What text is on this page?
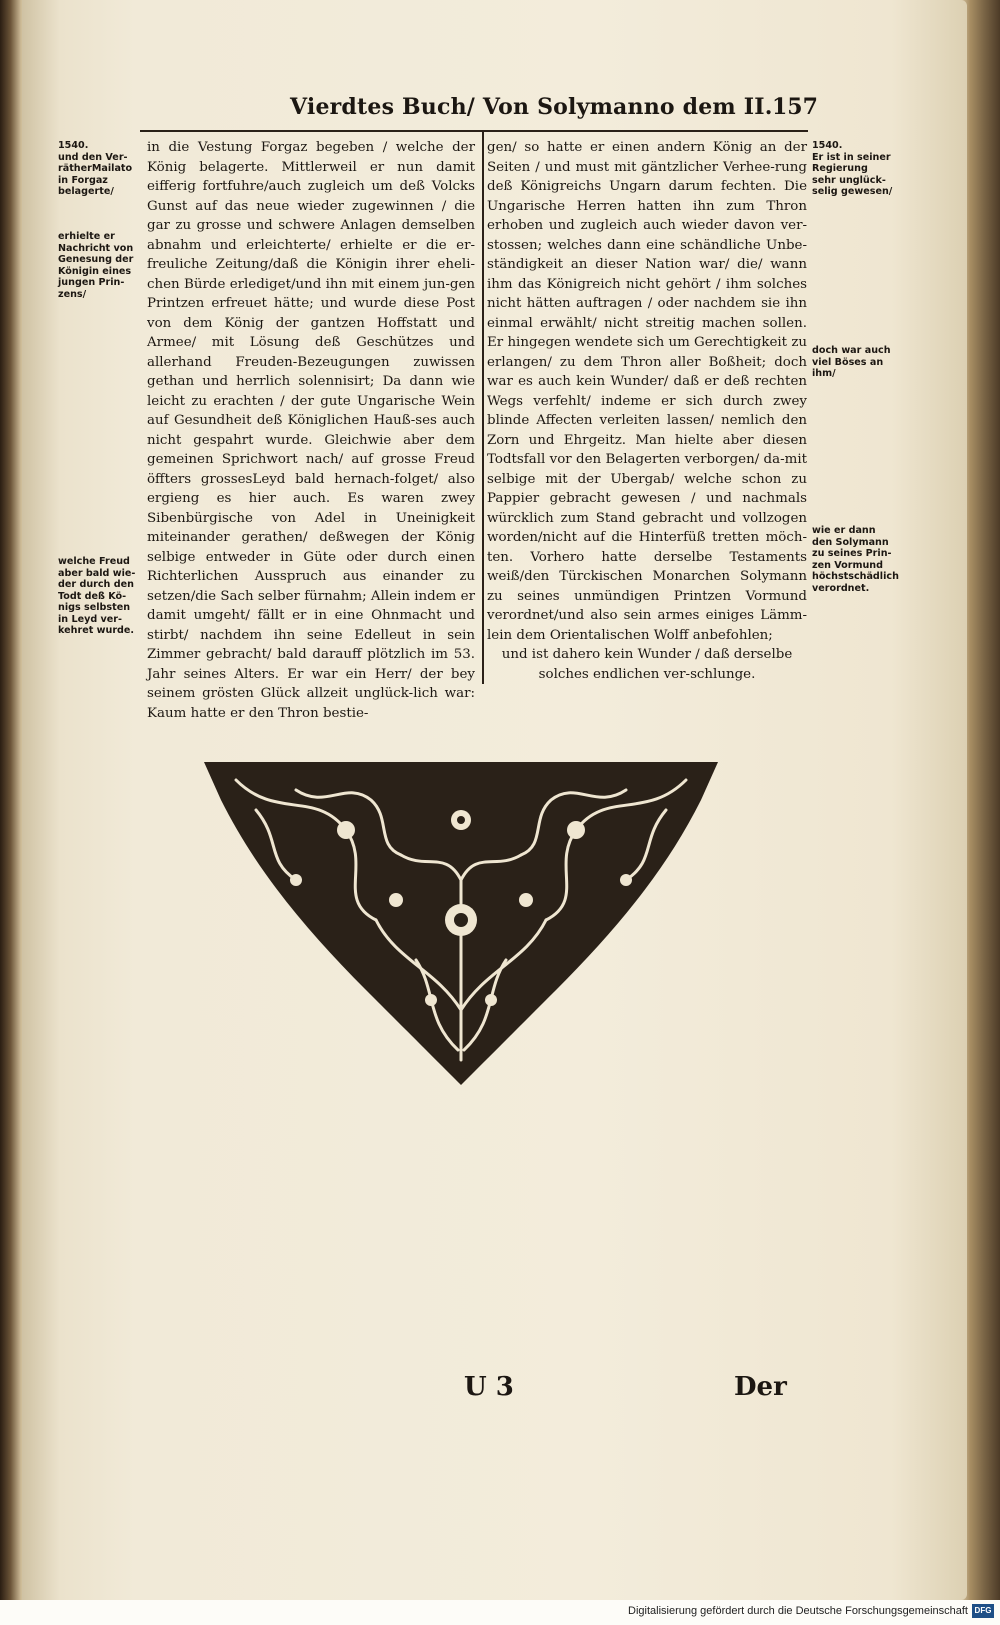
Vierdtes Buch/ Von Solymanno dem II. 157
1540.
und den Ver-
rätherMailato
in Forgaz
belagerte/
erhielte er
Nachricht von
Genesung der
Königin eines
jungen Prin-
zens/
welche Freud
aber bald wie-
der durch den
Todt deß Kö-
nigs selbsten
in Leyd ver-
kehret wurde.

in die Vestung Forgaz begeben / welche der König belagerte. Mittlerweil er nun damit eifferig fortfuhre/auch zugleich um deß Volcks Gunst auf das neue wieder zugewinnen / die gar zu grosse und schwere Anlagen demselben abnahm und erleichterte/ erhielte er die er-freuliche Zeitung/daß die Königin ihrer eheli-chen Bürde erlediget/und ihn mit einem jun-gen Printzen erfreuet hätte; und wurde diese Post von dem König der gantzen Hoffstatt und Armee/ mit Lösung deß Geschützes und allerhand Freuden-Bezeugungen zuwissen gethan und herrlich solennisirt; Da dann wie leicht zu erachten / der gute Ungarische Wein auf Gesundheit deß Königlichen Hauß-ses auch nicht gespahrt wurde. Gleichwie aber dem gemeinen Sprichwort nach/ auf grosse Freud öffters grossesLeyd bald hernach-folget/ also ergieng es hier auch. Es waren zwey Sibenbürgische von Adel in Uneinigkeit miteinander gerathen/ deßwegen der König selbige entweder in Güte oder durch einen Richterlichen Ausspruch aus einander zu setzen/die Sach selber fürnahm; Allein indem er damit umgeht/ fällt er in eine Ohnmacht und stirbt/ nachdem ihn seine Edelleut in sein Zimmer gebracht/ bald darauff plötzlich im 53. Jahr seines Alters. Er war ein Herr/ der bey seinem grösten Glück allzeit unglück-lich war: Kaum hatte er den Thron bestie-

gen/ so hatte er einen andern König an der Seiten / und must mit gäntzlicher Verhee-rung deß Königreichs Ungarn darum fechten. Die Ungarische Herren hatten ihn zum Thron erhoben und zugleich auch wieder davon ver-stossen; welches dann eine schändliche Unbe-ständigkeit an dieser Nation war/ die/ wann ihm das Königreich nicht gehört / ihm solches nicht hätten auftragen / oder nachdem sie ihn einmal erwählt/ nicht streitig machen sollen. Er hingegen wendete sich um Gerechtigkeit zu erlangen/ zu dem Thron aller Boßheit; doch war es auch kein Wunder/ daß er deß rechten Wegs verfehlt/ indeme er sich durch zwey blinde Affecten verleiten lassen/ nemlich den Zorn und Ehrgeitz. Man hielte aber diesen Todtsfall vor den Belagerten verborgen/ da-mit selbige mit der Ubergab/ welche schon zu Pappier gebracht gewesen / und nachmals würcklich zum Stand gebracht und vollzogen worden/nicht auf die Hinterfüß tretten möch-ten. Vorhero hatte derselbe Testaments weiß/den Türckischen Monarchen Solymann zu seines unmündigen Printzen Vormund verordnet/und also sein armes einiges Lämm-lein dem Orientalischen Wolff anbefohlen;

und ist dahero kein Wunder / daß derselbe solches endlichen ver-schlunge.

1540.
Er ist in seiner
Regierung
sehr unglück-
selig gewesen/
doch war auch
viel Böses an
ihm/
wie er dann
den Solymann
zu seines Prin-
zen Vormund
höchstschädlich
verordnet.
U 3	Der
Digitalisierung gefördert durch die Deutsche Forschungsgemeinschaft DFG
